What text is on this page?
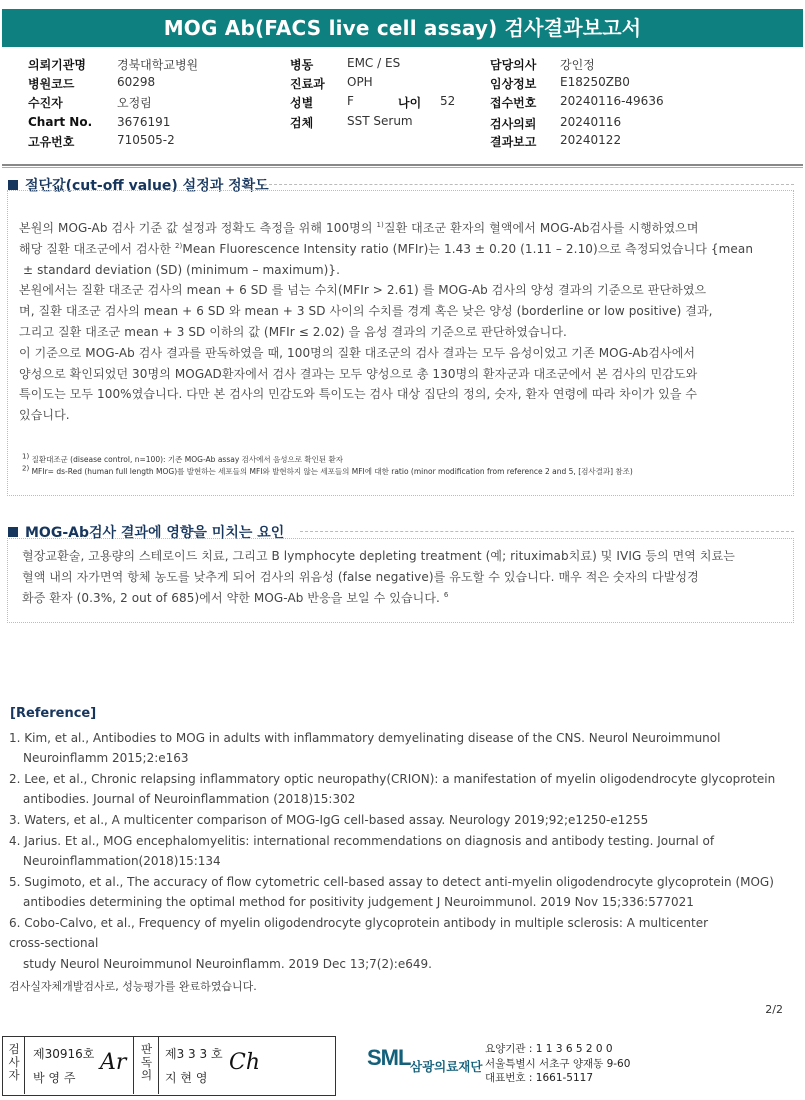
MOG Ab(FACS live cell assay) 검사결과보고서
의뢰기관명	경북대학교병원
병원코드	60298
수진자	오정림
Chart No. 3676191
고유번호	710505-2
병동	EMC / ES
진료과 OPH
성별	F	나이 52
검체	SST Serum
담당의사 강인정
임상정보 E18250ZB0
접수번호 20240116-49636
검사의뢰 20240116
결과보고 20240122
절단값(cut-off value) 설정과 정확도
본원의 MOG-Ab 검사 기준 값 설정과 정확도 측정을 위해 100명의 $^{1)}$질환 대조군 환자의 혈액에서 MOG-Ab검사를 시행하였으며
해당 질환 대조군에서 검사한 $^{2)}$Mean Fluorescence Intensity ratio (MFIr)는 1.43 ± 0.20 (1.11 – 2.10)으로 측정되었습니다 {mean
± standard deviation (SD) (minimum – maximum)}.
본원에서는 질환 대조군 검사의 mean + 6 SD 를 넘는 수치(MFIr > 2.61) 를 MOG-Ab 검사의 양성 결과의 기준으로 판단하였으
며, 질환 대조군 검사의 mean + 6 SD 와 mean + 3 SD 사이의 수치를 경계 혹은 낮은 양성 (borderline or low positive) 결과,
그리고 질환 대조군 mean + 3 SD 이하의 값 (MFIr ≤ 2.02) 을 음성 결과의 기준으로 판단하였습니다.
이 기준으로 MOG-Ab 검사 결과를 판독하였을 때, 100명의 질환 대조군의 검사 결과는 모두 음성이었고 기존 MOG-Ab검사에서
양성으로 확인되었던 30명의 MOGAD환자에서 검사 결과는 모두 양성으로 총 130명의 환자군과 대조군에서 본 검사의 민감도와
특이도는 모두 100%였습니다. 다만 본 검사의 민감도와 특이도는 검사 대상 집단의 정의, 숫자, 환자 연령에 따라 차이가 있을 수
있습니다.
$^{1)}$ 질환대조군 (disease control, n=100): 기존 MOG-Ab assay 검사에서 음성으로 확인된 환자
$^{2)}$ MFIr= ds-Red (human full length MOG)를 발현하는 세포들의 MFI와 발현하지 않는 세포들의 MFI에 대한 ratio (minor modification from reference 2 and 5, [검사결과] 참조)
MOG-Ab검사 결과에 영향을 미치는 요인
혈장교환술, 고용량의 스테로이드 치료, 그리고 B lymphocyte depleting treatment (예; rituximab치료) 및 IVIG 등의 면역 치료는
혈액 내의 자가면역 항체 농도를 낮추게 되어 검사의 위음성 (false negative)를 유도할 수 있습니다. 매우 적은 숫자의 다발성경
화증 환자 (0.3%, 2 out of 685)에서 약한 MOG-Ab 반응을 보일 수 있습니다. $^6$
[Reference]
1. Kim, et al., Antibodies to MOG in adults with inflammatory demyelinating disease of the CNS. Neurol Neuroimmunol
Neuroinflamm 2015;2:e163
2. Lee, et al., Chronic relapsing inflammatory optic neuropathy(CRION): a manifestation of myelin oligodendrocyte glycoprotein
antibodies. Journal of Neuroinflammation (2018)15:302
3. Waters, et al., A multicenter comparison of MOG-IgG cell-based assay. Neurology 2019;92;e1250-e1255
4. Jarius. Et al., MOG encephalomyelitis: international recommendations on diagnosis and antibody testing. Journal of
Neuroinflammation(2018)15:134
5. Sugimoto, et al., The accuracy of flow cytometric cell-based assay to detect anti-myelin oligodendrocyte glycoprotein (MOG)
antibodies determining the optimal method for positivity judgement J Neuroimmunol. 2019 Nov 15;336:577021
6. Cobo-Calvo, et al., Frequency of myelin oligodendrocyte glycoprotein antibody in multiple sclerosis: A multicenter
cross-sectional
study Neurol Neuroimmunol Neuroinflamm. 2019 Dec 13;7(2):e649.
검사실자체개발검사로, 성능평가를 완료하였습니다.
2/2
검사자
제30916호
박 영 주
Ar
판독의
제3 3 3 호
지 현 영
Ch	SML 삼광의료재단
요양기관 : 1 1 3 6 5 2 0 0
서울특별시 서초구 양재동 9-60
대표번호 : 1661-5117
